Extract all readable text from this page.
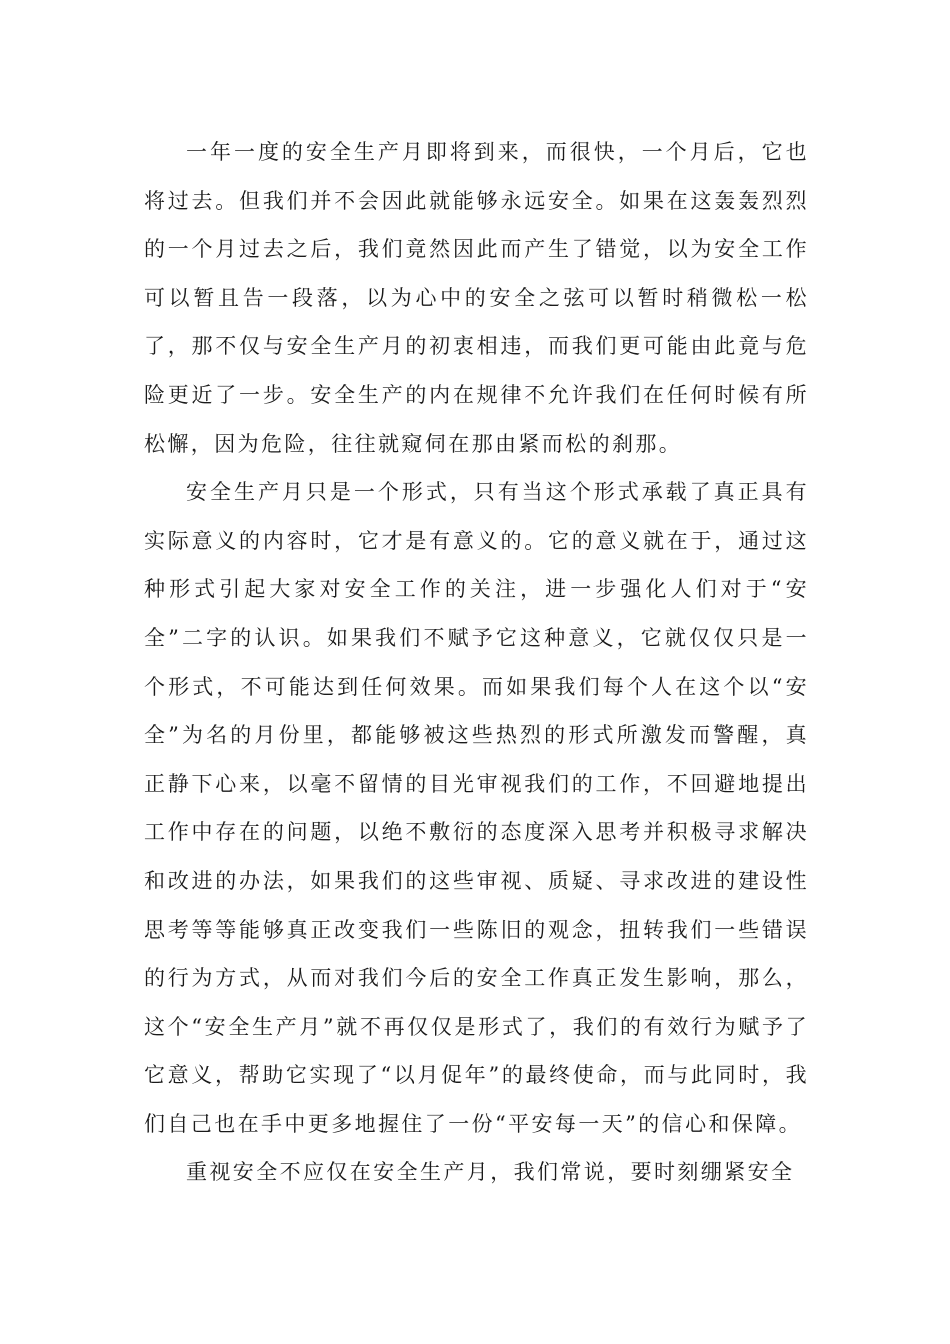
一年一度的安全生产月即将到来，而很快，一个月后，它也将过去。但我们并不会因此就能够永远安全。如果在这轰轰烈烈的一个月过去之后，我们竟然因此而产生了错觉，以为安全工作可以暂且告一段落，以为心中的安全之弦可以暂时稍微松一松了，那不仅与安全生产月的初衷相违，而我们更可能由此竟与危险更近了一步。安全生产的内在规律不允许我们在任何时候有所松懈，因为危险，往往就窥伺在那由紧而松的刹那。

安全生产月只是一个形式，只有当这个形式承载了真正具有实际意义的内容时，它才是有意义的。它的意义就在于，通过这种形式引起大家对安全工作的关注，进一步强化人们对于“安全”二字的认识。如果我们不赋予它这种意义，它就仅仅只是一个形式，不可能达到任何效果。而如果我们每个人在这个以“安全”为名的月份里，都能够被这些热烈的形式所激发而警醒，真正静下心来，以毫不留情的目光审视我们的工作，不回避地提出工作中存在的问题，以绝不敷衍的态度深入思考并积极寻求解决和改进的办法，如果我们的这些审视、质疑、寻求改进的建设性思考等等能够真正改变我们一些陈旧的观念，扭转我们一些错误的行为方式，从而对我们今后的安全工作真正发生影响，那么，这个“安全生产月”就不再仅仅是形式了，我们的有效行为赋予了它意义，帮助它实现了“以月促年”的最终使命，而与此同时，我们自己也在手中更多地握住了一份“平安每一天”的信心和保障。

重视安全不应仅在安全生产月，我们常说，要时刻绷紧安全
